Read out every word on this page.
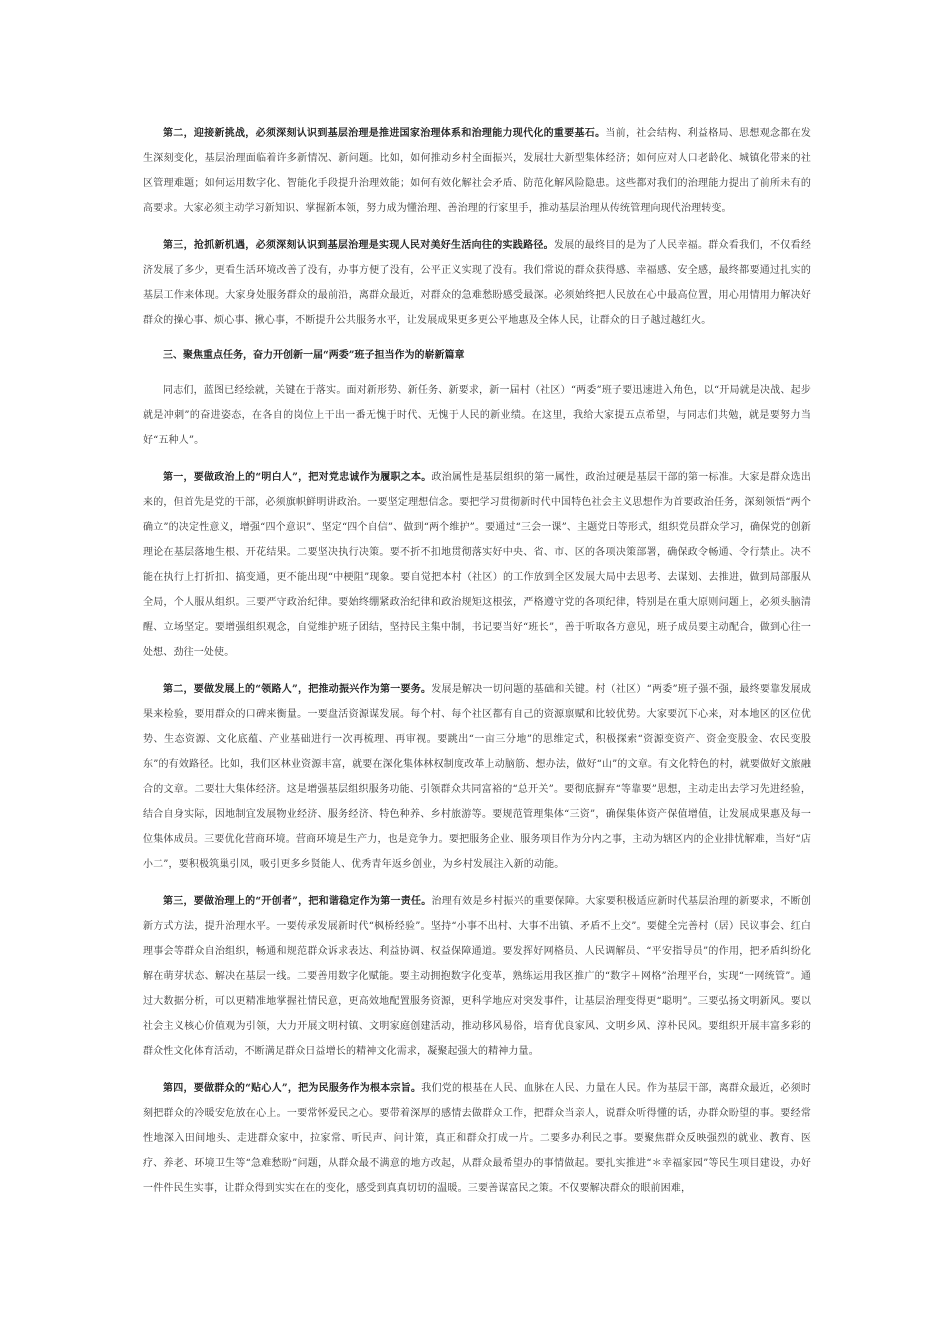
第二，迎接新挑战，必须深刻认识到基层治理是推进国家治理体系和治理能力现代化的重要基石。当前，社会结构、利益格局、思想观念都在发生深刻变化，基层治理面临着许多新情况、新问题。比如，如何推动乡村全面振兴，发展壮大新型集体经济；如何应对人口老龄化、城镇化带来的社区管理难题；如何运用数字化、智能化手段提升治理效能；如何有效化解社会矛盾、防范化解风险隐患。这些都对我们的治理能力提出了前所未有的高要求。大家必须主动学习新知识、掌握新本领，努力成为懂治理、善治理的行家里手，推动基层治理从传统管理向现代治理转变。

第三，抢抓新机遇，必须深刻认识到基层治理是实现人民对美好生活向往的实践路径。发展的最终目的是为了人民幸福。群众看我们，不仅看经济发展了多少，更看生活环境改善了没有，办事方便了没有，公平正义实现了没有。我们常说的群众获得感、幸福感、安全感，最终都要通过扎实的基层工作来体现。大家身处服务群众的最前沿，离群众最近，对群众的急难愁盼感受最深。必须始终把人民放在心中最高位置，用心用情用力解决好群众的操心事、烦心事、揪心事，不断提升公共服务水平，让发展成果更多更公平地惠及全体人民，让群众的日子越过越红火。

三、聚焦重点任务，奋力开创新一届“两委”班子担当作为的崭新篇章

同志们，蓝图已经绘就，关键在于落实。面对新形势、新任务、新要求，新一届村（社区）“两委”班子要迅速进入角色，以“开局就是决战、起步就是冲刺”的奋进姿态，在各自的岗位上干出一番无愧于时代、无愧于人民的新业绩。在这里，我给大家提五点希望，与同志们共勉，就是要努力当好“五种人”。

第一，要做政治上的“明白人”，把对党忠诚作为履职之本。政治属性是基层组织的第一属性，政治过硬是基层干部的第一标准。大家是群众选出来的，但首先是党的干部，必须旗帜鲜明讲政治。一要坚定理想信念。要把学习贯彻新时代中国特色社会主义思想作为首要政治任务，深刻领悟“两个确立”的决定性意义，增强“四个意识”、坚定“四个自信”、做到“两个维护”。要通过“三会一课”、主题党日等形式，组织党员群众学习，确保党的创新理论在基层落地生根、开花结果。二要坚决执行决策。要不折不扣地贯彻落实好中央、省、市、区的各项决策部署，确保政令畅通、令行禁止。决不能在执行上打折扣、搞变通，更不能出现“中梗阻”现象。要自觉把本村（社区）的工作放到全区发展大局中去思考、去谋划、去推进，做到局部服从全局，个人服从组织。三要严守政治纪律。要始终绷紧政治纪律和政治规矩这根弦，严格遵守党的各项纪律，特别是在重大原则问题上，必须头脑清醒、立场坚定。要增强组织观念，自觉维护班子团结，坚持民主集中制，书记要当好“班长”，善于听取各方意见，班子成员要主动配合，做到心往一处想、劲往一处使。

第二，要做发展上的“领路人”，把推动振兴作为第一要务。发展是解决一切问题的基础和关键。村（社区）“两委”班子强不强，最终要靠发展成果来检验，要用群众的口碑来衡量。一要盘活资源谋发展。每个村、每个社区都有自己的资源禀赋和比较优势。大家要沉下心来，对本地区的区位优势、生态资源、文化底蕴、产业基础进行一次再梳理、再审视。要跳出“一亩三分地”的思维定式，积极探索“资源变资产、资金变股金、农民变股东”的有效路径。比如，我们区林业资源丰富，就要在深化集体林权制度改革上动脑筋、想办法，做好“山”的文章。有文化特色的村，就要做好文旅融合的文章。二要壮大集体经济。这是增强基层组织服务功能、引领群众共同富裕的“总开关”。要彻底摒弃“等靠要”思想，主动走出去学习先进经验，结合自身实际，因地制宜发展物业经济、服务经济、特色种养、乡村旅游等。要规范管理集体“三资”，确保集体资产保值增值，让发展成果惠及每一位集体成员。三要优化营商环境。营商环境是生产力，也是竞争力。要把服务企业、服务项目作为分内之事，主动为辖区内的企业排忧解难，当好“店小二”，要积极筑巢引凤，吸引更多乡贤能人、优秀青年返乡创业，为乡村发展注入新的动能。

第三，要做治理上的“开创者”，把和谐稳定作为第一责任。治理有效是乡村振兴的重要保障。大家要积极适应新时代基层治理的新要求，不断创新方式方法，提升治理水平。一要传承发展新时代“枫桥经验”。坚持“小事不出村、大事不出镇、矛盾不上交”。要健全完善村（居）民议事会、红白理事会等群众自治组织，畅通和规范群众诉求表达、利益协调、权益保障通道。要发挥好网格员、人民调解员、“平安指导员”的作用，把矛盾纠纷化解在萌芽状态、解决在基层一线。二要善用数字化赋能。要主动拥抱数字化变革，熟练运用我区推广的“数字＋网格”治理平台，实现“一网统管”。通过大数据分析，可以更精准地掌握社情民意，更高效地配置服务资源，更科学地应对突发事件，让基层治理变得更“聪明”。三要弘扬文明新风。要以社会主义核心价值观为引领，大力开展文明村镇、文明家庭创建活动，推动移风易俗，培育优良家风、文明乡风、淳朴民风。要组织开展丰富多彩的群众性文化体育活动，不断满足群众日益增长的精神文化需求，凝聚起强大的精神力量。

第四，要做群众的“贴心人”，把为民服务作为根本宗旨。我们党的根基在人民、血脉在人民、力量在人民。作为基层干部，离群众最近，必须时刻把群众的冷暖安危放在心上。一要常怀爱民之心。要带着深厚的感情去做群众工作，把群众当亲人，说群众听得懂的话，办群众盼望的事。要经常性地深入田间地头、走进群众家中，拉家常、听民声、问计策，真正和群众打成一片。二要多办利民之事。要聚焦群众反映强烈的就业、教育、医疗、养老、环境卫生等“急难愁盼”问题，从群众最不满意的地方改起，从群众最希望办的事情做起。要扎实推进“＊幸福家园”等民生项目建设，办好一件件民生实事，让群众得到实实在在的变化，感受到真真切切的温暖。三要善谋富民之策。不仅要解决群众的眼前困难，
